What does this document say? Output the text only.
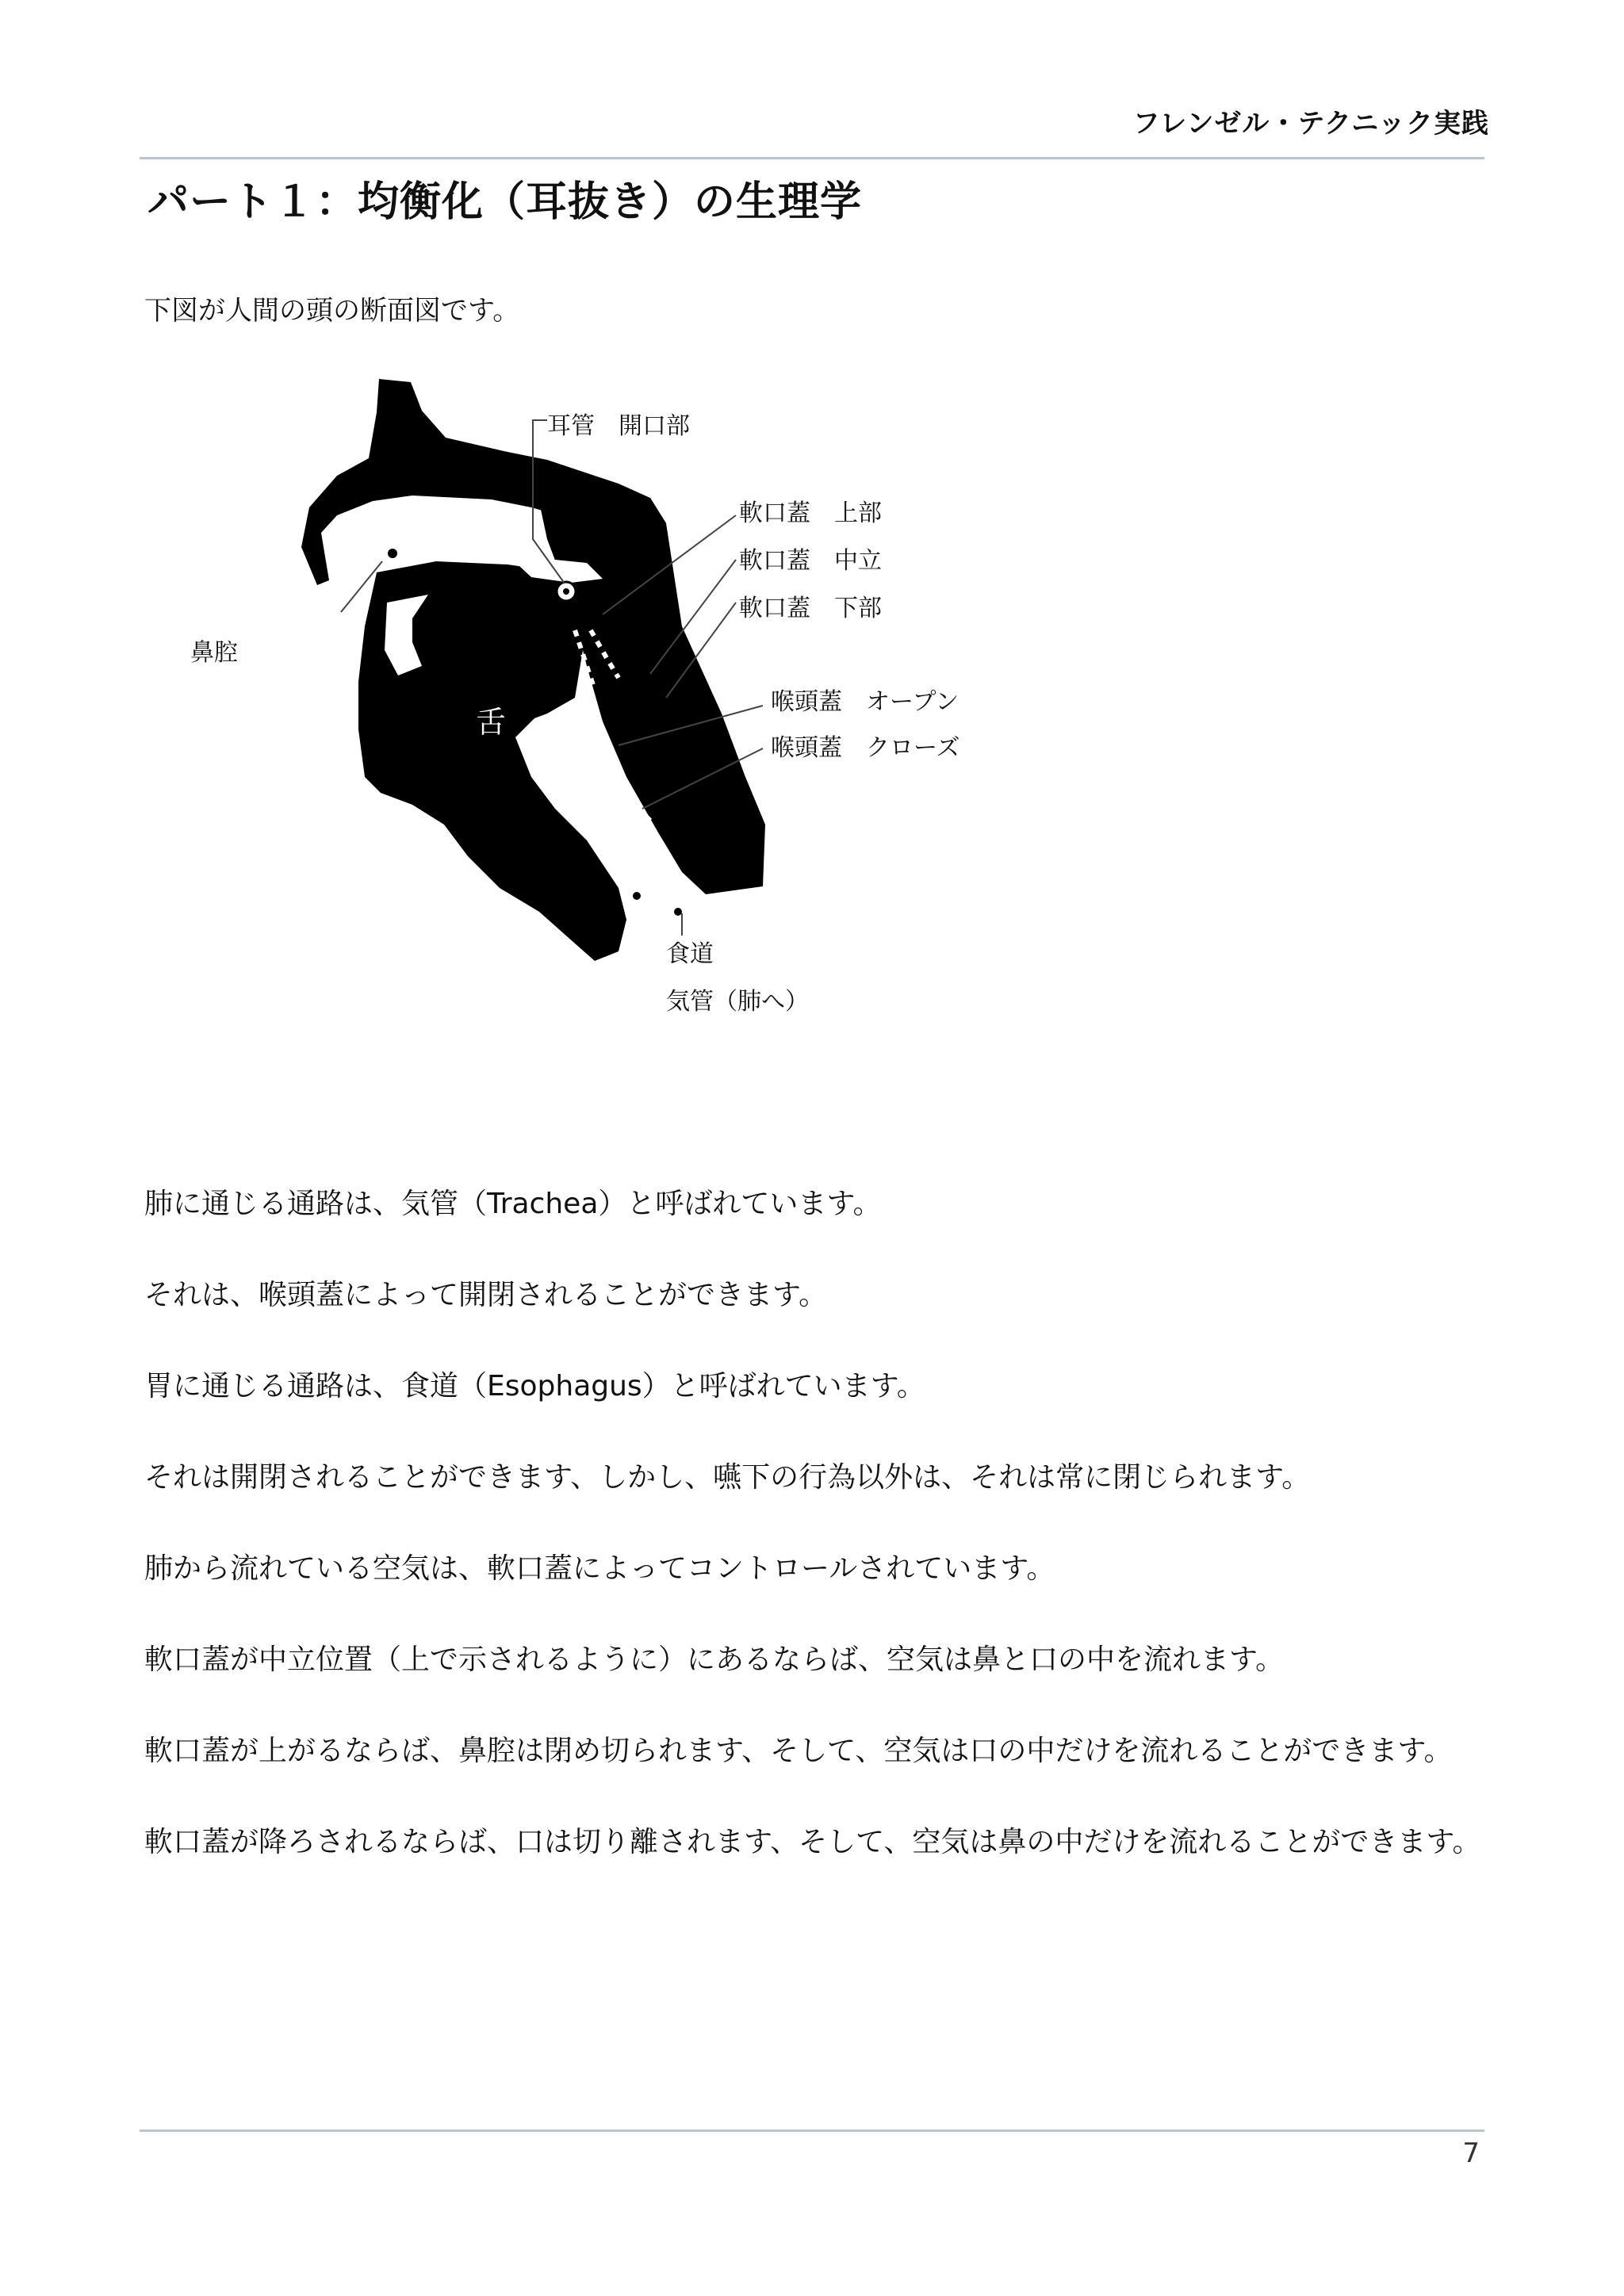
フレンゼル・テクニック実践
パート１：均衡化（耳抜き）の生理学
下図が人間の頭の断面図です。
耳管　開口部
軟口蓋　上部
軟口蓋　中立
軟口蓋　下部
鼻腔
舌
喉頭蓋　オープン
喉頭蓋　クローズ
食道
気管（肺へ）

肺に通じる通路は、気管（Trachea）と呼ばれています。

それは、喉頭蓋によって開閉されることができます。

胃に通じる通路は、食道（Esophagus）と呼ばれています。

それは開閉されることができます、しかし、嚥下の行為以外は、それは常に閉じられます。

肺から流れている空気は、軟口蓋によってコントロールされています。

軟口蓋が中立位置（上で示されるように）にあるならば、空気は鼻と口の中を流れます。

軟口蓋が上がるならば、鼻腔は閉め切られます、そして、空気は口の中だけを流れることができます。

軟口蓋が降ろされるならば、口は切り離されます、そして、空気は鼻の中だけを流れることができます。

7
